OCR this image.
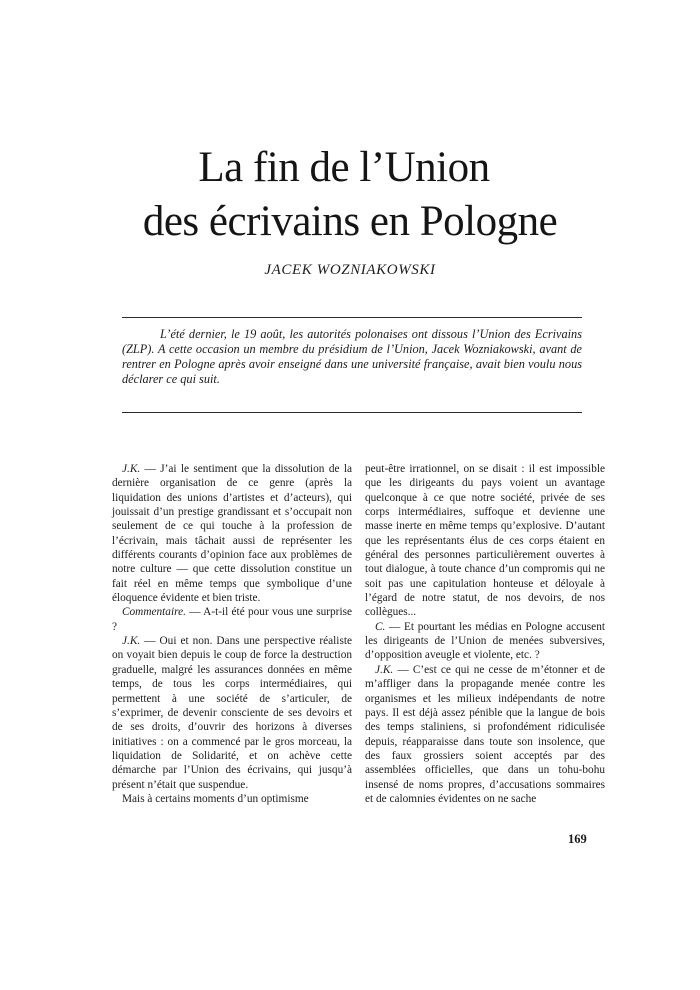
La fin de l’Union
des écrivains en Pologne
JACEK WOZNIAKOWSKI
L’été dernier, le 19 août, les autorités polonaises ont dissous l’Union des Ecrivains (ZLP). A cette occasion un membre du présidium de l’Union, Jacek Wozniakowski, avant de rentrer en Pologne après avoir enseigné dans une université française, avait bien voulu nous déclarer ce qui suit.

J.K. — J’ai le sentiment que la dissolution de la dernière organisation de ce genre (après la liquidation des unions d’artistes et d’acteurs), qui jouissait d’un prestige grandissant et s’occupait non seulement de ce qui touche à la profession de l’écrivain, mais tâchait aussi de représenter les différents courants d’opinion face aux problèmes de notre culture — que cette dissolution constitue un fait réel en même temps que symbolique d’une éloquence évidente et bien triste.

Commentaire. — A-t-il été pour vous une surprise ?

J.K. — Oui et non. Dans une perspective réaliste on voyait bien depuis le coup de force la destruction graduelle, malgré les assurances données en même temps, de tous les corps intermédiaires, qui permettent à une société de s’articuler, de s’exprimer, de devenir consciente de ses devoirs et de ses droits, d’ouvrir des horizons à diverses initiatives : on a commencé par le gros morceau, la liquidation de Solidarité, et on achève cette démarche par l’Union des écrivains, qui jusqu’à présent n’était que suspendue.

Mais à certains moments d’un optimisme

peut-être irrationnel, on se disait : il est impossible que les dirigeants du pays voient un avantage quelconque à ce que notre société, privée de ses corps intermédiaires, suffoque et devienne une masse inerte en même temps qu’explosive. D’autant que les représentants élus de ces corps étaient en général des personnes particulièrement ouvertes à tout dialogue, à toute chance d’un compromis qui ne soit pas une capitulation honteuse et déloyale à l’égard de notre statut, de nos devoirs, de nos collègues...

C. — Et pourtant les médias en Pologne accusent les dirigeants de l’Union de menées subversives, d’opposition aveugle et violente, etc. ?

J.K. — C’est ce qui ne cesse de m’étonner et de m’affliger dans la propagande menée contre les organismes et les milieux indépendants de notre pays. Il est déjà assez pénible que la langue de bois des temps staliniens, si profondément ridiculisée depuis, réapparaisse dans toute son insolence, que des faux grossiers soient acceptés par des assemblées officielles, que dans un tohu-bohu insensé de noms propres, d’accusations sommaires et de calomnies évidentes on ne sache

169
